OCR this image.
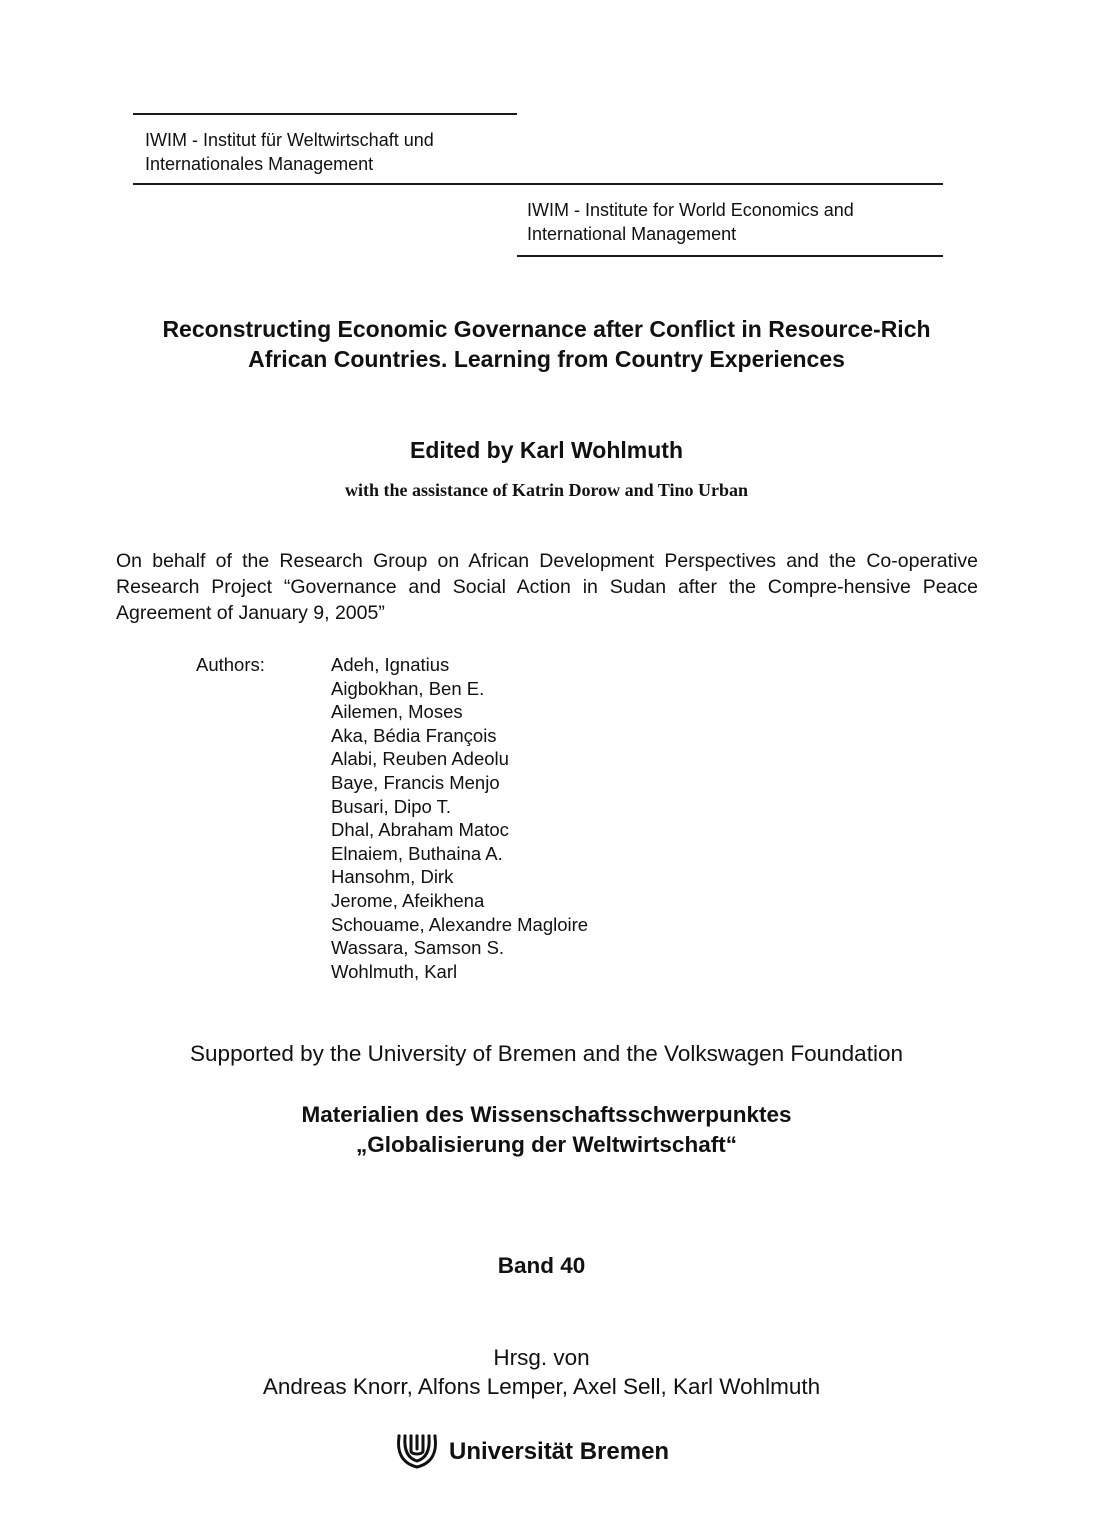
IWIM - Institut für Weltwirtschaft und
Internationales Management
IWIM - Institute for World Economics and
International Management
Reconstructing Economic Governance after Conflict in Resource-Rich
African Countries. Learning from Country Experiences
Edited by Karl Wohlmuth
with the assistance of Katrin Dorow and Tino Urban
On behalf of the Research Group on African Development Perspectives and the Co-operative Research Project “Governance and Social Action in Sudan after the Compre-hensive Peace Agreement of January 9, 2005”
Authors:	Adeh, Ignatius
Aigbokhan, Ben E.
Ailemen, Moses
Aka, Bédia François
Alabi, Reuben Adeolu
Baye, Francis Menjo
Busari, Dipo T.
Dhal, Abraham Matoc
Elnaiem, Buthaina A.
Hansohm, Dirk
Jerome, Afeikhena
Schouame, Alexandre Magloire
Wassara, Samson S.
Wohlmuth, Karl
Supported by the University of Bremen and the Volkswagen Foundation
Materialien des Wissenschaftsschwerpunktes
„Globalisierung der Weltwirtschaft“
Band 40
Hrsg. von
Andreas Knorr, Alfons Lemper, Axel Sell, Karl Wohlmuth
Universität Bremen
